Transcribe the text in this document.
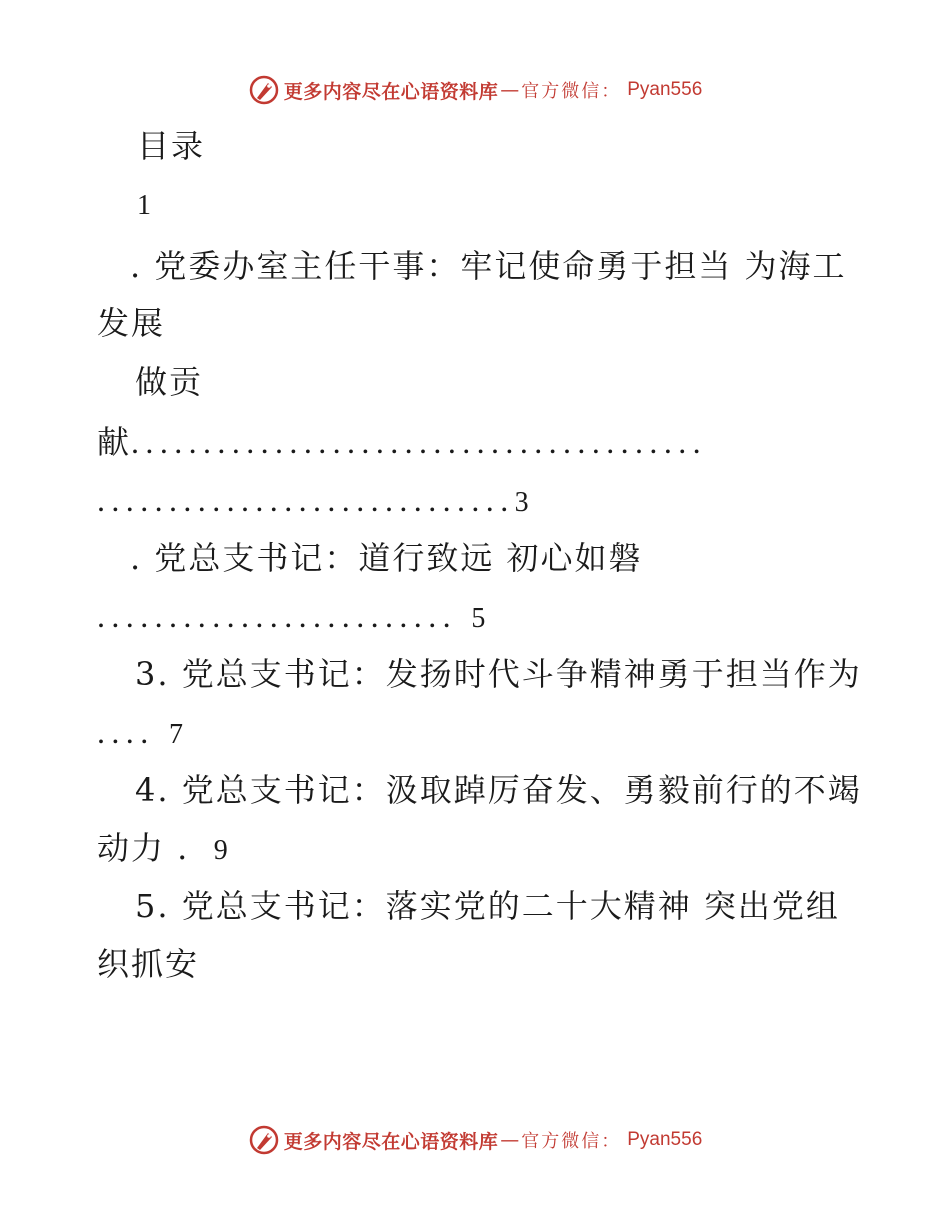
更多内容尽在心语资料库 — 官方微信： Pyan556
目录
1
. 党委办室主任干事：牢记使命勇于担当 为海工
发展
做贡
献........................................
.............................3
. 党总支书记：道行致远 初心如磐
......................... 5
3. 党总支书记：发扬时代斗争精神勇于担当作为
.... 7
4. 党总支书记：汲取踔厉奋发、勇毅前行的不竭
动力 . 9
5. 党总支书记：落实党的二十大精神 突出党组
织抓安
更多内容尽在心语资料库 — 官方微信： Pyan556
